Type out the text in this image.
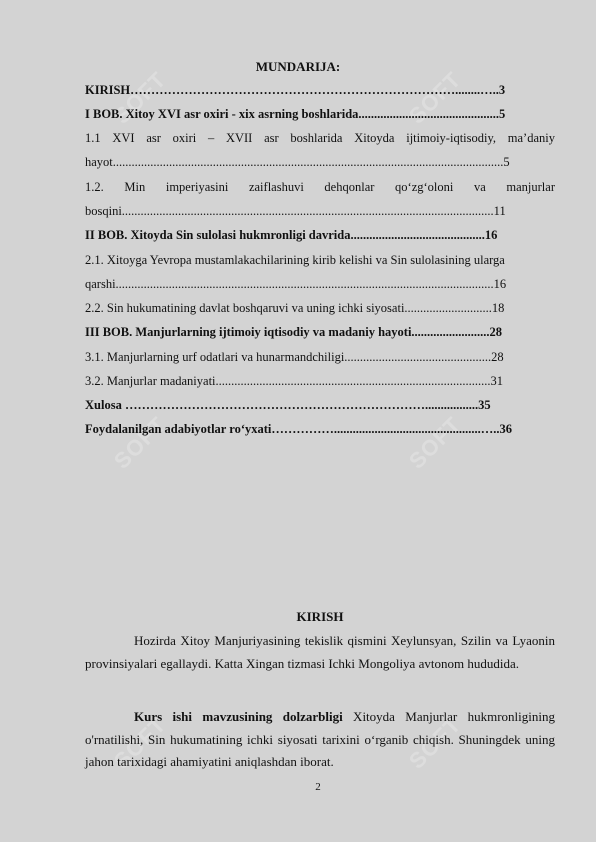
SOFT	SOFT
SOFT	SOFT
SOFT	SOFT
MUNDARIJA:
KIRISH……………………………………………………………………........…..3
I BOB. Xitoy XVI asr oxiri - xix asrning boshlarida.............................................5
1.1 XVI asr oxiri – XVII asr boshlarida Xitoyda ijtimoiy-iqtisodiy, ma’daniy
hayot.............................................................................................................................5
1.2. Min imperiyasini zaiflashuvi dehqonlar qo‘zg‘oloni va manjurlar
bosqini.......................................................................................................................11
II BOB. Xitoyda Sin sulolasi hukmronligi davrida...........................................16
2.1. Xitoyga Yevropa mustamlakachilarining kirib kelishi va Sin sulolasining ularga
qarshi.........................................................................................................................16
2.2. Sin hukumatining davlat boshqaruvi va uning ichki siyosati............................18
III BOB. Manjurlarning ijtimoiy iqtisodiy va madaniy hayoti.........................28
3.1. Manjurlarning urf odatlari va hunarmandchiligi...............................................28
3.2. Manjurlar madaniyati........................................................................................31
Xulosa ……………………………………………………………….................35
Foydalanilgan adabiyotlar ro‘yxati……………...............................................…..36
KIRISH
Hozirda Xitoy Manjuriyasining tekislik qismini Xeylunsyan, Szilin va Lyaonin provinsiyalari egallaydi. Katta Xingan tizmasi Ichki Mongoliya avtonom hududida.
Kurs ishi mavzusining dolzarbligi Xitoyda Manjurlar hukmronligining o'rnatilishi, Sin hukumatining ichki siyosati tarixini o‘rganib chiqish. Shuningdek uning jahon tarixidagi ahamiyatini aniqlashdan iborat.
2
